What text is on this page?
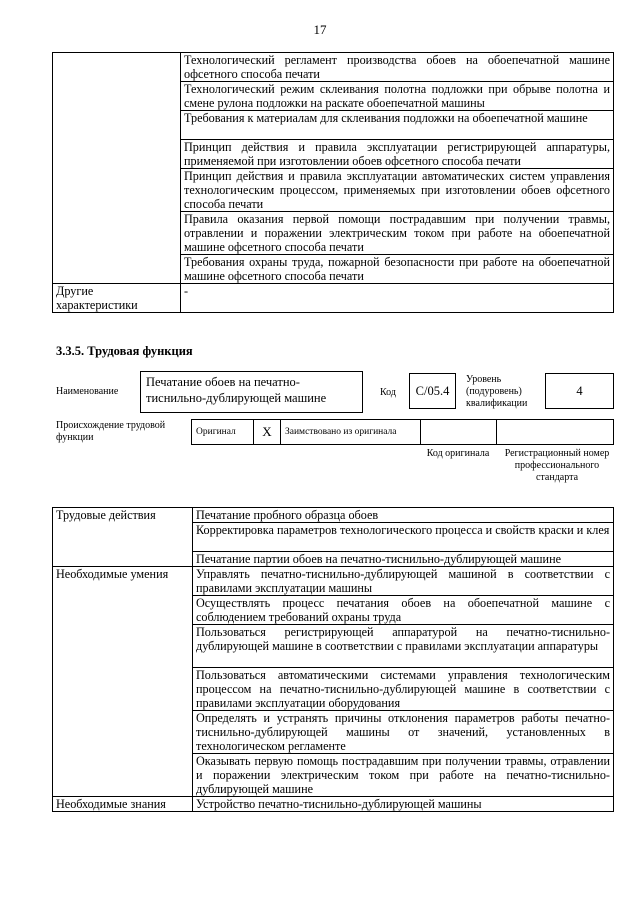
17
	Технологический регламент производства обоев на обоепечатной машине офсетного способа печати
	Технологический режим склеивания полотна подложки при обрыве полотна и смене рулона подложки на раскате обоепечатной машины
	Требования к материалам для склеивания подложки на обоепечатной машине
	Принцип действия и правила эксплуатации регистрирующей аппаратуры, применяемой при изготовлении обоев офсетного способа печати
	Принцип действия и правила эксплуатации автоматических систем управления технологическим процессом, применяемых при изготовлении обоев офсетного способа печати
	Правила оказания первой помощи пострадавшим при получении травмы, отравлении и поражении электрическим током при работе на обоепечатной машине офсетного способа печати
	Требования охраны труда, пожарной безопасности при работе на обоепечатной машине офсетного способа печати
Другие характеристики	-
3.3.5. Трудовая функция
Наименование
Печатание обоев на печатно-тиснильно-дублирующей машине	Код	С/05.4
Уровень (подуровень) квалификации
4
Происхождение трудовой функции	Оригинал	Х	Заимствовано из оригинала		
Код оригинала	Регистрационный номер профессионального стандарта
Трудовые действия	Печатание пробного образца обоев
	Корректировка параметров технологического процесса и свойств краски и клея
	Печатание партии обоев на печатно-тиснильно-дублирующей машине
Необходимые умения	Управлять печатно-тиснильно-дублирующей машиной в соответствии с правилами эксплуатации машины
	Осуществлять процесс печатания обоев на обоепечатной машине с соблюдением требований охраны труда
	Пользоваться регистрирующей аппаратурой на печатно-тиснильно-дублирующей машине в соответствии с правилами эксплуатации аппаратуры
	Пользоваться автоматическими системами управления технологическим процессом на печатно-тиснильно-дублирующей машине в соответствии с правилами эксплуатации оборудования
	Определять и устранять причины отклонения параметров работы печатно-тиснильно-дублирующей машины от значений, установленных в технологическом регламенте
	Оказывать первую помощь пострадавшим при получении травмы, отравлении и поражении электрическим током при работе на печатно-тиснильно-дублирующей машине
Необходимые знания	Устройство печатно-тиснильно-дублирующей машины
